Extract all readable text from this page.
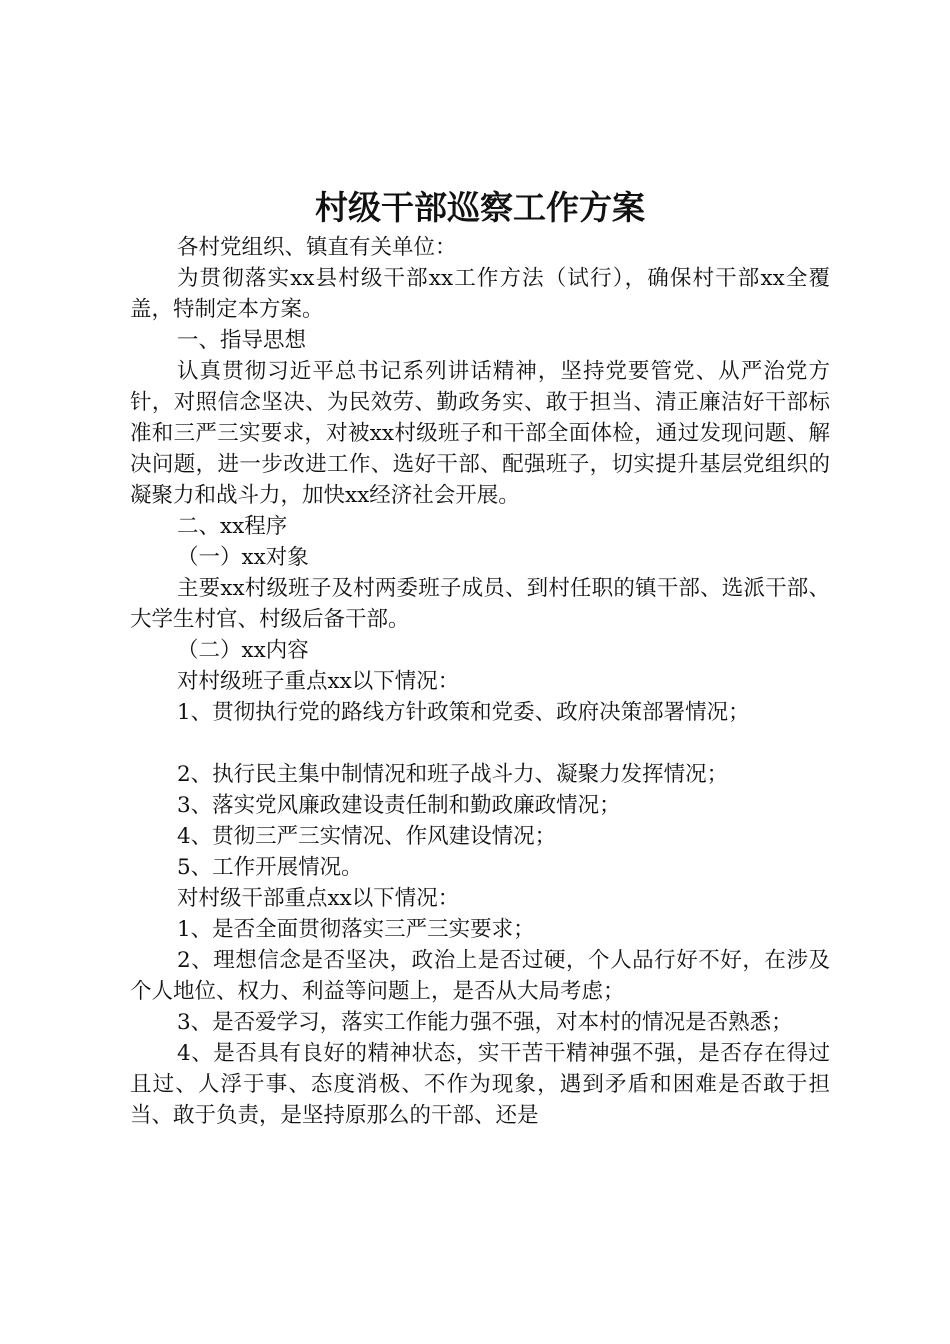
村级干部巡察工作方案

各村党组织、镇直有关单位：

为贯彻落实xx县村级干部xx工作方法（试行），确保村干部xx全覆盖，特制定本方案。

一、指导思想

认真贯彻习近平总书记系列讲话精神，坚持党要管党、从严治党方针，对照信念坚决、为民效劳、勤政务实、敢于担当、清正廉洁好干部标准和三严三实要求，对被xx村级班子和干部全面体检，通过发现问题、解决问题，进一步改进工作、选好干部、配强班子，切实提升基层党组织的凝聚力和战斗力，加快xx经济社会开展。

二、xx程序

（一）xx对象

主要xx村级班子及村两委班子成员、到村任职的镇干部、选派干部、大学生村官、村级后备干部。

（二）xx内容

对村级班子重点xx以下情况：

1、贯彻执行党的路线方针政策和党委、政府决策部署情况；

2、执行民主集中制情况和班子战斗力、凝聚力发挥情况；

3、落实党风廉政建设责任制和勤政廉政情况；

4、贯彻三严三实情况、作风建设情况；

5、工作开展情况。

对村级干部重点xx以下情况：

1、是否全面贯彻落实三严三实要求；

2、理想信念是否坚决，政治上是否过硬，个人品行好不好，在涉及个人地位、权力、利益等问题上，是否从大局考虑；

3、是否爱学习，落实工作能力强不强，对本村的情况是否熟悉；

4、是否具有良好的精神状态，实干苦干精神强不强，是否存在得过且过、人浮于事、态度消极、不作为现象，遇到矛盾和困难是否敢于担当、敢于负责，是坚持原那么的干部、还是
